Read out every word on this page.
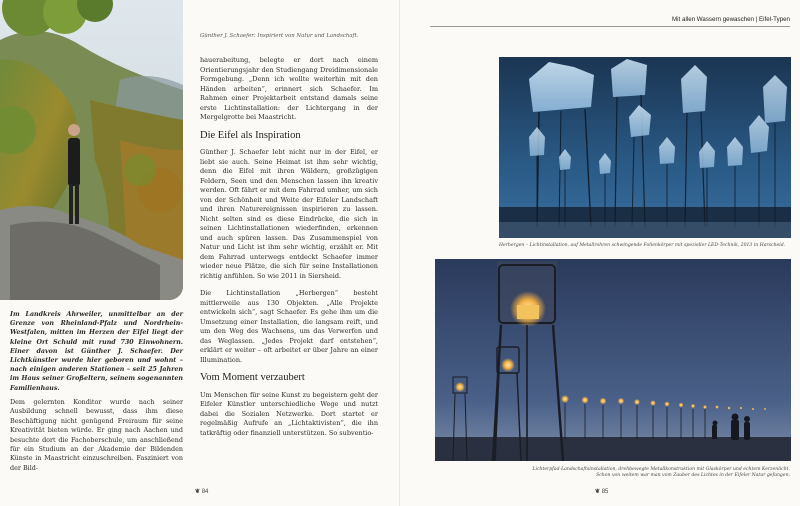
Im Landkreis Ahrweiler, unmittelbar an der Grenze von Rheinland-Pfalz und Nordrhein-Westfalen, mitten im Herzen der Eifel liegt der kleine Ort Schuld mit rund 730 Einwohnern. Einer davon ist Günther J. Schaefer. Der Lichtkünstler wurde hier geboren und wohnt – nach einigen anderen Stationen – seit 25 Jahren im Haus seiner Großeltern, seinem sogenannten Familienhaus.
Dem gelernten Konditor wurde nach seiner Ausbildung schnell bewusst, dass ihm diese Beschäftigung nicht genügend Freiraum für seine Kreativität bieten würde. Er ging nach Aachen und besuchte dort die Fachoberschule, um anschließend für ein Studium an der Akademie der Bildenden Künste in Maastricht einzuschreiben. Fasziniert von der Bild-
Günther J. Schaefer: Inspiriert von Natur und Landschaft.

hauerabeitung, belegte er dort nach einem Orientierungsjahr den Studiengang Dreidimensionale Formgebung. „Denn ich wollte weiterhin mit den Händen arbeiten“, erinnert sich Schaefer. Im Rahmen einer Projektarbeit entstand damals seine erste Lichtinstallation: der Lichtergang in der Mergelgrotte bei Maastricht.

Die Eifel als Inspiration

Günther J. Schaefer lebt nicht nur in der Eifel, er liebt sie auch. Seine Heimat ist ihm sehr wichtig, denn die Eifel mit ihren Wäldern, großzügigen Feldern, Seen und den Menschen lassen ihn kreativ werden. Oft fährt er mit dem Fahrrad umher, um sich von der Schönheit und Weite der Eifeler Landschaft und ihren Naturereignissen inspirieren zu lassen. Nicht selten sind es diese Eindrücke, die sich in seinen Lichtinstallationen wiederfinden, erkennen und auch spüren lassen. Das Zusammenspiel von Natur und Licht ist ihm sehr wichtig, erzählt er. Mit dem Fahrrad unterwegs entdeckt Schaefer immer wieder neue Plätze, die sich für seine Installationen richtig anfühlen. So wie 2011 in Siersheid.

Die Lichtinstallation „Herbergen“ besteht mittlerweile aus 130 Objekten. „Alle Projekte entwickeln sich“, sagt Schaefer. Es gehe ihm um die Umsetzung einer Installation, die langsam reift, und um den Weg des Wachsens, um das Verwerfen und das Weglassen. „Jedes Projekt darf entstehen“, erklärt er weiter – oft arbeitet er über Jahre an einer Illumination.

Vom Moment verzaubert

Um Menschen für seine Kunst zu begeistern geht der Eifeler Künstler unterschiedliche Wege und nutzt dabei die Sozialen Netzwerke. Dort startet er regelmäßig Aufrufe an „Lichtaktivisten“, die ihn tatkräftig oder finanziell unterstützen. So subventio-

❦ 84
Mit allen Wassern gewaschen | Eifel-Typen
Herbergen – Lichtinstallation, auf Metallrohren schwingende Folienkörper mit spezieller LED-Technik, 2013 in Harscheid.
Lichterpfad-Landschaftsinstallation, drehbewegte Metallkonstruktion mit Glaskörper und echtem Kerzenlicht.
Schon von weitem war man vom Zauber des Lichtes in der Eifeler Natur gefangen.
❦ 85
